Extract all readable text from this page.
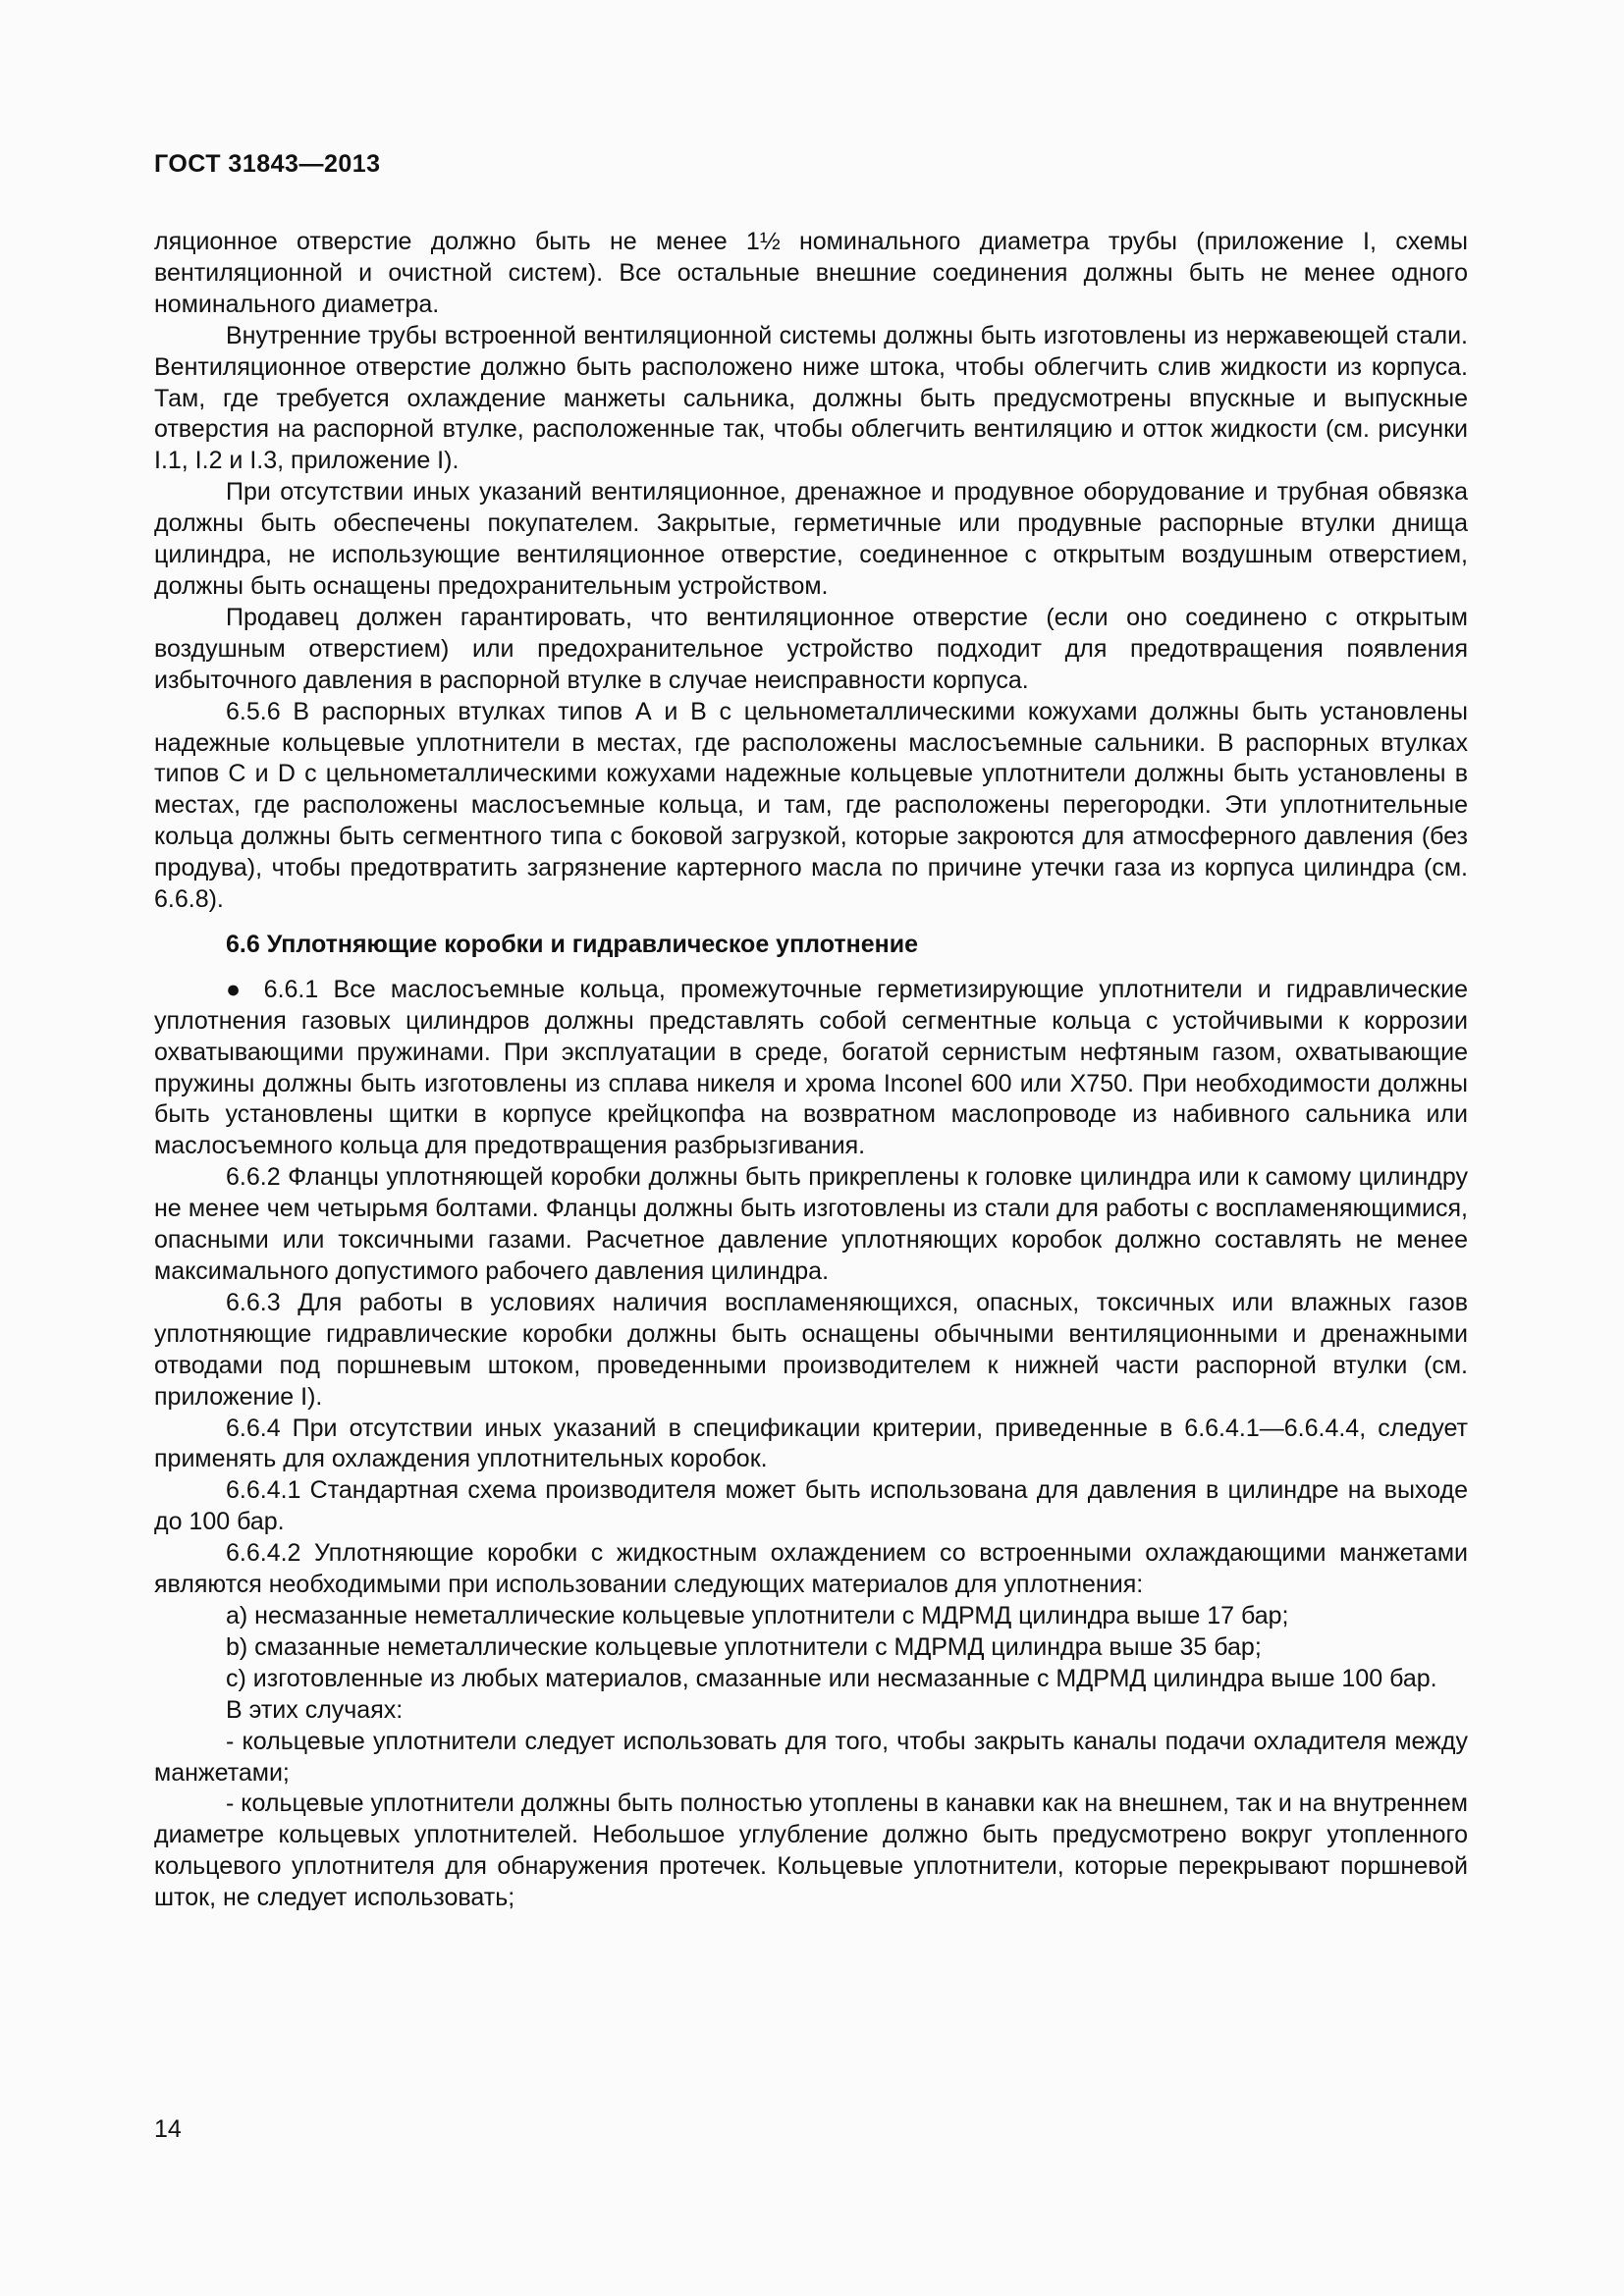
ГОСТ 31843—2013

ляционное отверстие должно быть не менее 1½ номинального диаметра трубы (приложение I, схемы вентиляционной и очистной систем). Все остальные внешние соединения должны быть не менее одного номинального диаметра.

Внутренние трубы встроенной вентиляционной системы должны быть изготовлены из нержавеющей стали. Вентиляционное отверстие должно быть расположено ниже штока, чтобы облегчить слив жидкости из корпуса. Там, где требуется охлаждение манжеты сальника, должны быть предусмотрены впускные и выпускные отверстия на распорной втулке, расположенные так, чтобы облегчить вентиляцию и отток жидкости (см. рисунки I.1, I.2 и I.3, приложение I).

При отсутствии иных указаний вентиляционное, дренажное и продувное оборудование и трубная обвязка должны быть обеспечены покупателем. Закрытые, герметичные или продувные распорные втулки днища цилиндра, не использующие вентиляционное отверстие, соединенное с открытым воздушным отверстием, должны быть оснащены предохранительным устройством.

Продавец должен гарантировать, что вентиляционное отверстие (если оно соединено с открытым воздушным отверстием) или предохранительное устройство подходит для предотвращения появления избыточного давления в распорной втулке в случае неисправности корпуса.

6.5.6 В распорных втулках типов А и В с цельнометаллическими кожухами должны быть установлены надежные кольцевые уплотнители в местах, где расположены маслосъемные сальники. В распорных втулках типов С и D с цельнометаллическими кожухами надежные кольцевые уплотнители должны быть установлены в местах, где расположены маслосъемные кольца, и там, где расположены перегородки. Эти уплотнительные кольца должны быть сегментного типа с боковой загрузкой, которые закроются для атмосферного давления (без продува), чтобы предотвратить загрязнение картерного масла по причине утечки газа из корпуса цилиндра (см. 6.6.8).

6.6 Уплотняющие коробки и гидравлическое уплотнение

● 6.6.1 Все маслосъемные кольца, промежуточные герметизирующие уплотнители и гидравлические уплотнения газовых цилиндров должны представлять собой сегментные кольца с устойчивыми к коррозии охватывающими пружинами. При эксплуатации в среде, богатой сернистым нефтяным газом, охватывающие пружины должны быть изготовлены из сплава никеля и хрома Inconel 600 или Х750. При необходимости должны быть установлены щитки в корпусе крейцкопфа на возвратном маслопроводе из набивного сальника или маслосъемного кольца для предотвращения разбрызгивания.

6.6.2 Фланцы уплотняющей коробки должны быть прикреплены к головке цилиндра или к самому цилиндру не менее чем четырьмя болтами. Фланцы должны быть изготовлены из стали для работы с воспламеняющимися, опасными или токсичными газами. Расчетное давление уплотняющих коробок должно составлять не менее максимального допустимого рабочего давления цилиндра.

6.6.3 Для работы в условиях наличия воспламеняющихся, опасных, токсичных или влажных газов уплотняющие гидравлические коробки должны быть оснащены обычными вентиляционными и дренажными отводами под поршневым штоком, проведенными производителем к нижней части распорной втулки (см. приложение I).

6.6.4 При отсутствии иных указаний в спецификации критерии, приведенные в 6.6.4.1—6.6.4.4, следует применять для охлаждения уплотнительных коробок.

6.6.4.1 Стандартная схема производителя может быть использована для давления в цилиндре на выходе до 100 бар.

6.6.4.2 Уплотняющие коробки с жидкостным охлаждением со встроенными охлаждающими манжетами являются необходимыми при использовании следующих материалов для уплотнения:

а) несмазанные неметаллические кольцевые уплотнители с МДРМД цилиндра выше 17 бар;

b) смазанные неметаллические кольцевые уплотнители с МДРМД цилиндра выше 35 бар;

с) изготовленные из любых материалов, смазанные или несмазанные с МДРМД цилиндра выше 100 бар.

В этих случаях:

- кольцевые уплотнители следует использовать для того, чтобы закрыть каналы подачи охладителя между манжетами;

- кольцевые уплотнители должны быть полностью утоплены в канавки как на внешнем, так и на внутреннем диаметре кольцевых уплотнителей. Небольшое углубление должно быть предусмотрено вокруг утопленного кольцевого уплотнителя для обнаружения протечек. Кольцевые уплотнители, которые перекрывают поршневой шток, не следует использовать;

14
